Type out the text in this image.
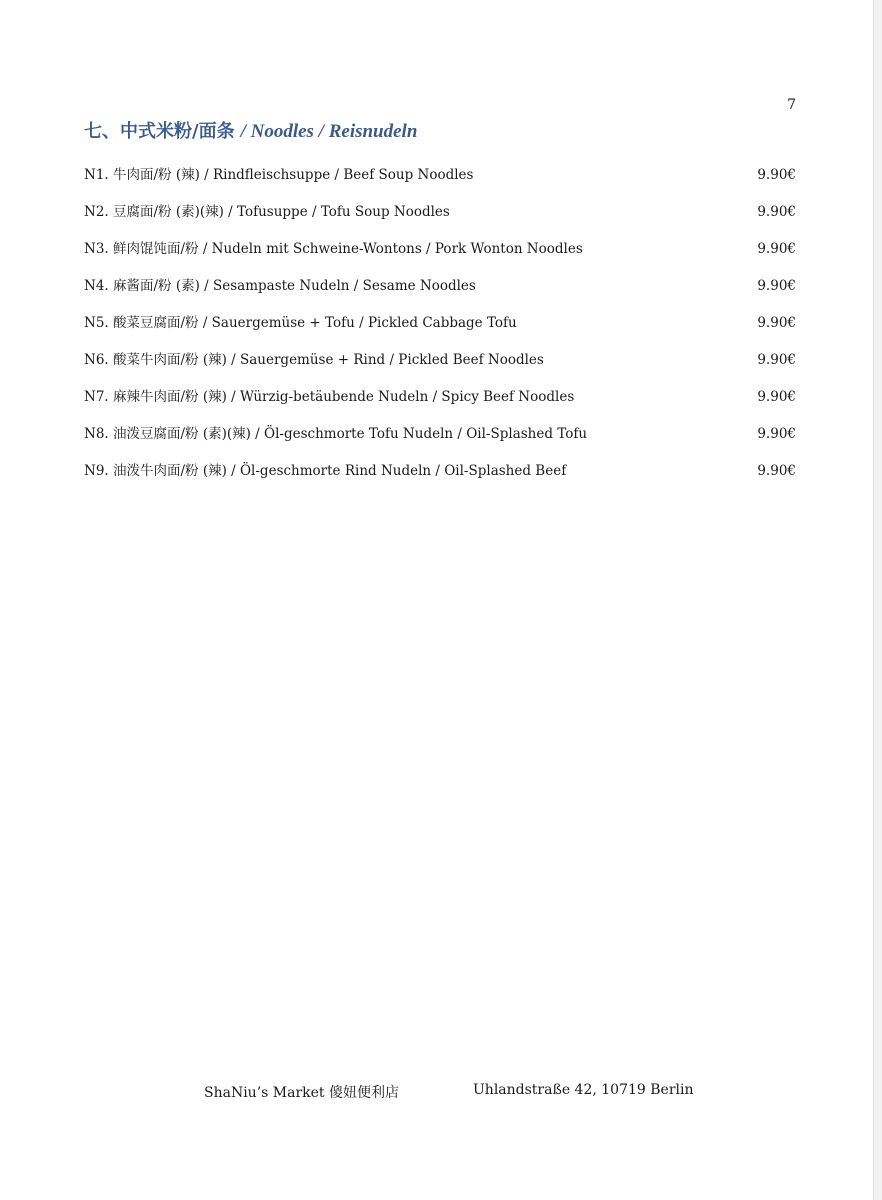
7
七、中式米粉/面条 / Noodles / Reisnudeln
N1. 牛肉面/粉 (辣) / Rindfleischsuppe / Beef Soup Noodles	9.90€
N2. 豆腐面/粉 (素)(辣) / Tofusuppe / Tofu Soup Noodles	9.90€
N3. 鲜肉馄饨面/粉 / Nudeln mit Schweine-Wontons / Pork Wonton Noodles	9.90€
N4. 麻酱面/粉 (素) / Sesampaste Nudeln / Sesame Noodles	9.90€
N5. 酸菜豆腐面/粉 / Sauergemüse + Tofu / Pickled Cabbage Tofu	9.90€
N6. 酸菜牛肉面/粉 (辣) / Sauergemüse + Rind / Pickled Beef Noodles	9.90€
N7. 麻辣牛肉面/粉 (辣) / Würzig-betäubende Nudeln / Spicy Beef Noodles	9.90€
N8. 油泼豆腐面/粉 (素)(辣) / Öl-geschmorte Tofu Nudeln / Oil-Splashed Tofu	9.90€
N9. 油泼牛肉面/粉 (辣) / Öl-geschmorte Rind Nudeln / Oil-Splashed Beef	9.90€
ShaNiu’s Market 傻妞便利店	Uhlandstraße 42, 10719 Berlin
